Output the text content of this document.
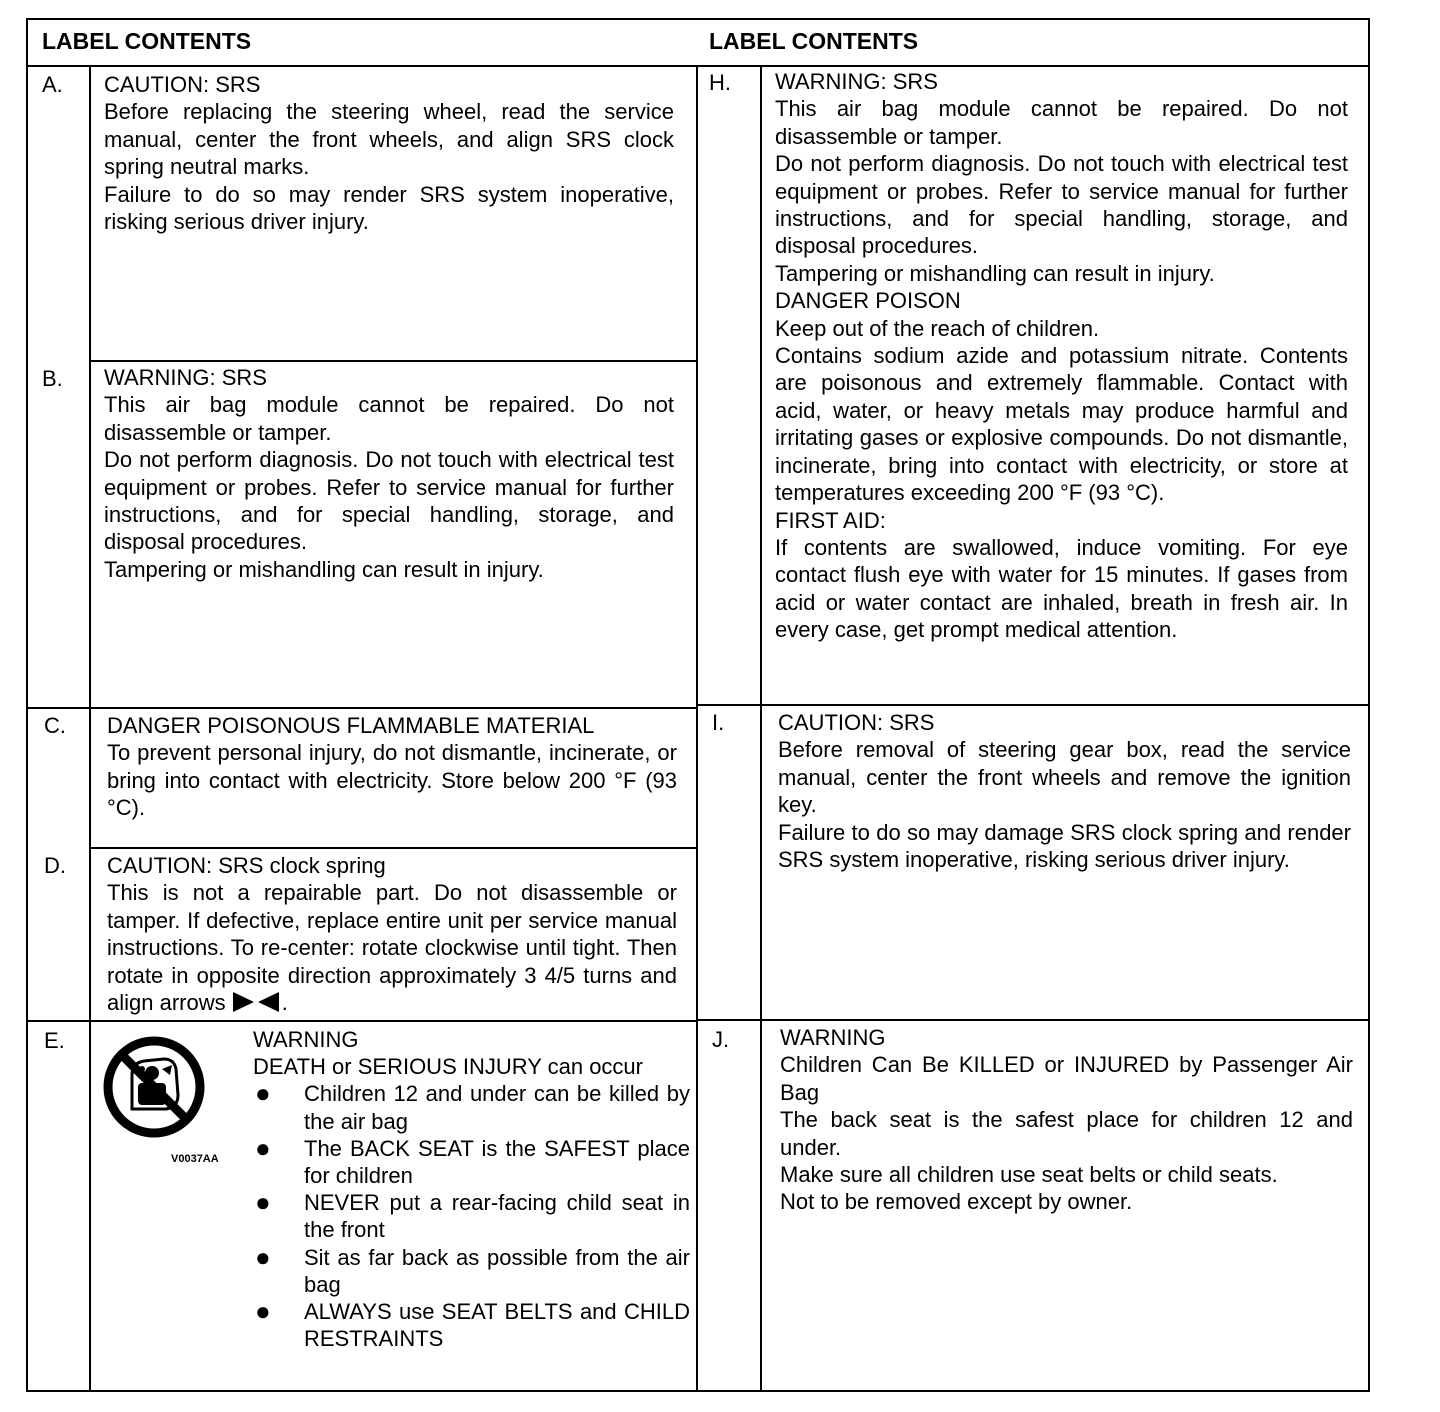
LABEL CONTENTS	LABEL CONTENTS
A. CAUTION: SRS

Before replacing the steering wheel, read the service manual, center the front wheels, and align SRS clock spring neutral marks.

Failure to do so may render SRS system inoperative, risking serious driver injury.

B. WARNING: SRS

This air bag module cannot be repaired. Do not disassemble or tamper.

Do not perform diagnosis. Do not touch with electrical test equipment or probes. Refer to service manual for further instructions, and for special handling, storage, and disposal procedures.

Tampering or mishandling can result in injury.

C. DANGER POISONOUS FLAMMABLE MATERIAL

To prevent personal injury, do not dismantle, incinerate, or bring into contact with electricity. Store below 200 °F (93 °C).

D. CAUTION: SRS clock spring

This is not a repairable part. Do not disassemble or tamper. If defective, replace entire unit per service manual instructions. To re-center: rotate clockwise until tight. Then rotate in opposite direction approximately 3 4/5 turns and align arrows	.

E.
V0037AA

WARNING

DEATH or SERIOUS INJURY can occur

● Children 12 and under can be killed by the air bag
● The BACK SEAT is the SAFEST place for children
● NEVER put a rear-facing child seat in the front
● Sit as far back as possible from the air bag
● ALWAYS use SEAT BELTS and CHILD RESTRAINTS
H. WARNING: SRS

This air bag module cannot be repaired. Do not disassemble or tamper.

Do not perform diagnosis. Do not touch with electrical test equipment or probes. Refer to service manual for further instructions, and for special handling, storage, and disposal procedures.

Tampering or mishandling can result in injury.

DANGER POISON

Keep out of the reach of children.

Contains sodium azide and potassium nitrate. Contents are poisonous and extremely flammable. Contact with acid, water, or heavy metals may produce harmful and irritating gases or explosive compounds. Do not dismantle, incinerate, bring into contact with electricity, or store at temperatures exceeding 200 °F (93 °C).

FIRST AID:

If contents are swallowed, induce vomiting. For eye contact flush eye with water for 15 minutes. If gases from acid or water contact are inhaled, breath in fresh air. In every case, get prompt medical attention.

I. CAUTION: SRS

Before removal of steering gear box, read the service manual, center the front wheels and remove the ignition key.

Failure to do so may damage SRS clock spring and render SRS system inoperative, risking serious driver injury.

J. WARNING

Children Can Be KILLED or INJURED by Passenger Air Bag

The back seat is the safest place for children 12 and under.

Make sure all children use seat belts or child seats.

Not to be removed except by owner.
